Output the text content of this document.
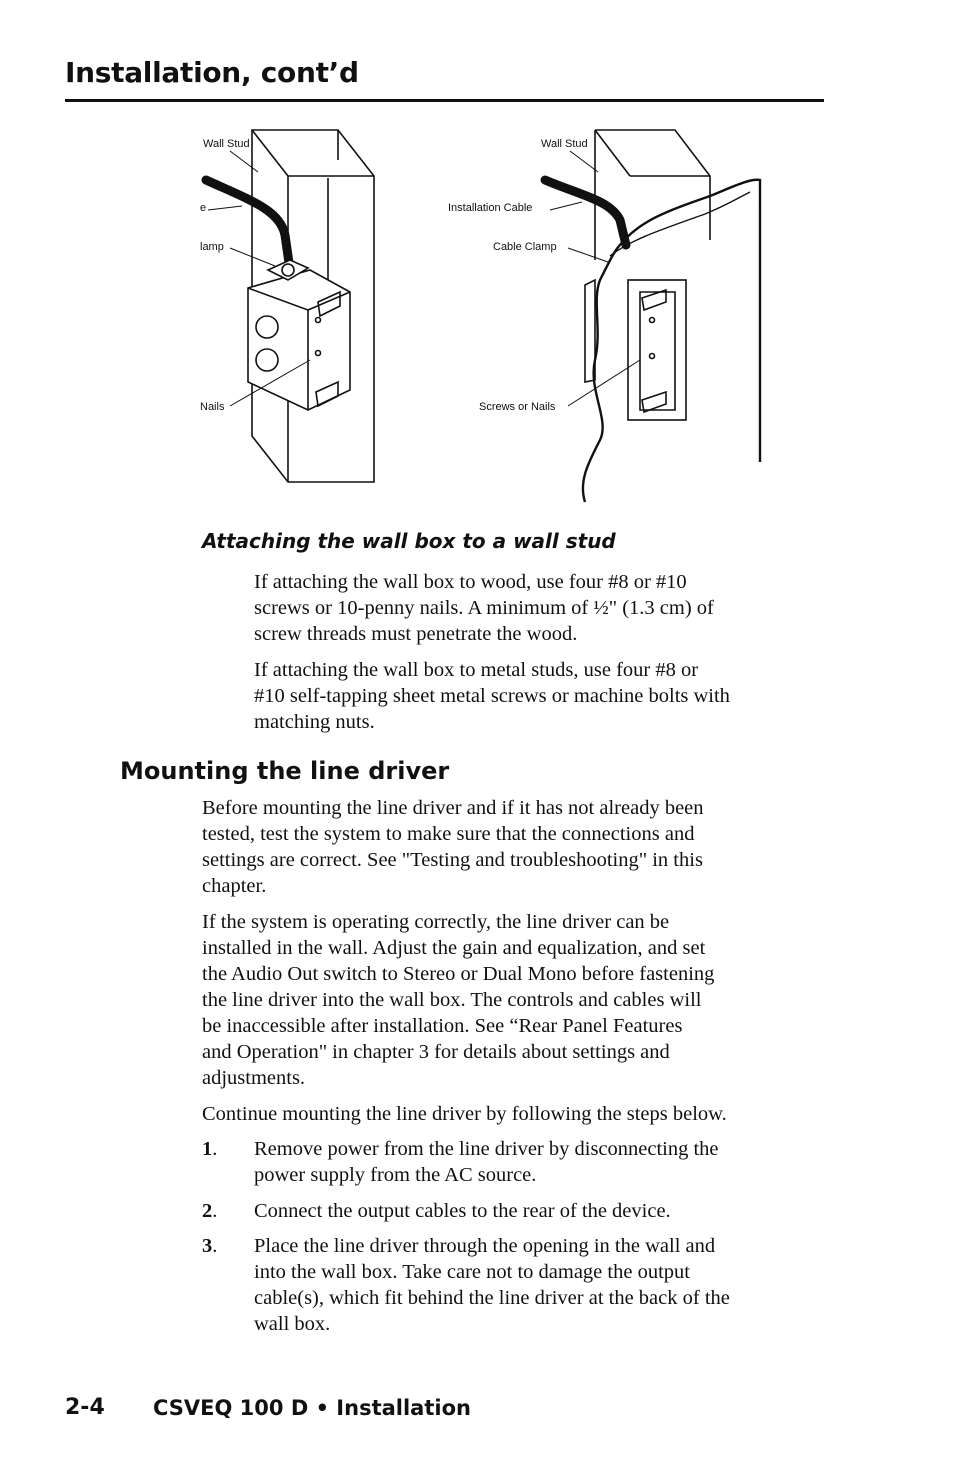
Installation, cont’d
Wall Stud
e
lamp
Nails
Wall Stud
Installation Cable
Cable Clamp
Screws or Nails
Attaching the wall box to a wall stud
If attaching the wall box to wood, use four #8 or #10
screws or 10-penny nails. A minimum of ½" (1.3 cm) of
screw threads must penetrate the wood.
If attaching the wall box to metal studs, use four #8 or
#10 self-tapping sheet metal screws or machine bolts with
matching nuts.
Mounting the line driver
Before mounting the line driver and if it has not already been
tested, test the system to make sure that the connections and
settings are correct. See "Testing and troubleshooting" in this
chapter.
If the system is operating correctly, the line driver can be
installed in the wall. Adjust the gain and equalization, and set
the Audio Out switch to Stereo or Dual Mono before fastening
the line driver into the wall box. The controls and cables will
be inaccessible after installation. See “Rear Panel Features
and Operation" in chapter 3 for details about settings and
adjustments.
Continue mounting the line driver by following the steps below.
1. Remove power from the line driver by disconnecting the
power supply from the AC source.
2. Connect the output cables to the rear of the device.
3. Place the line driver through the opening in the wall and
into the wall box. Take care not to damage the output
cable(s), which fit behind the line driver at the back of the
wall box.
2-4 CSVEQ 100 D • Installation
